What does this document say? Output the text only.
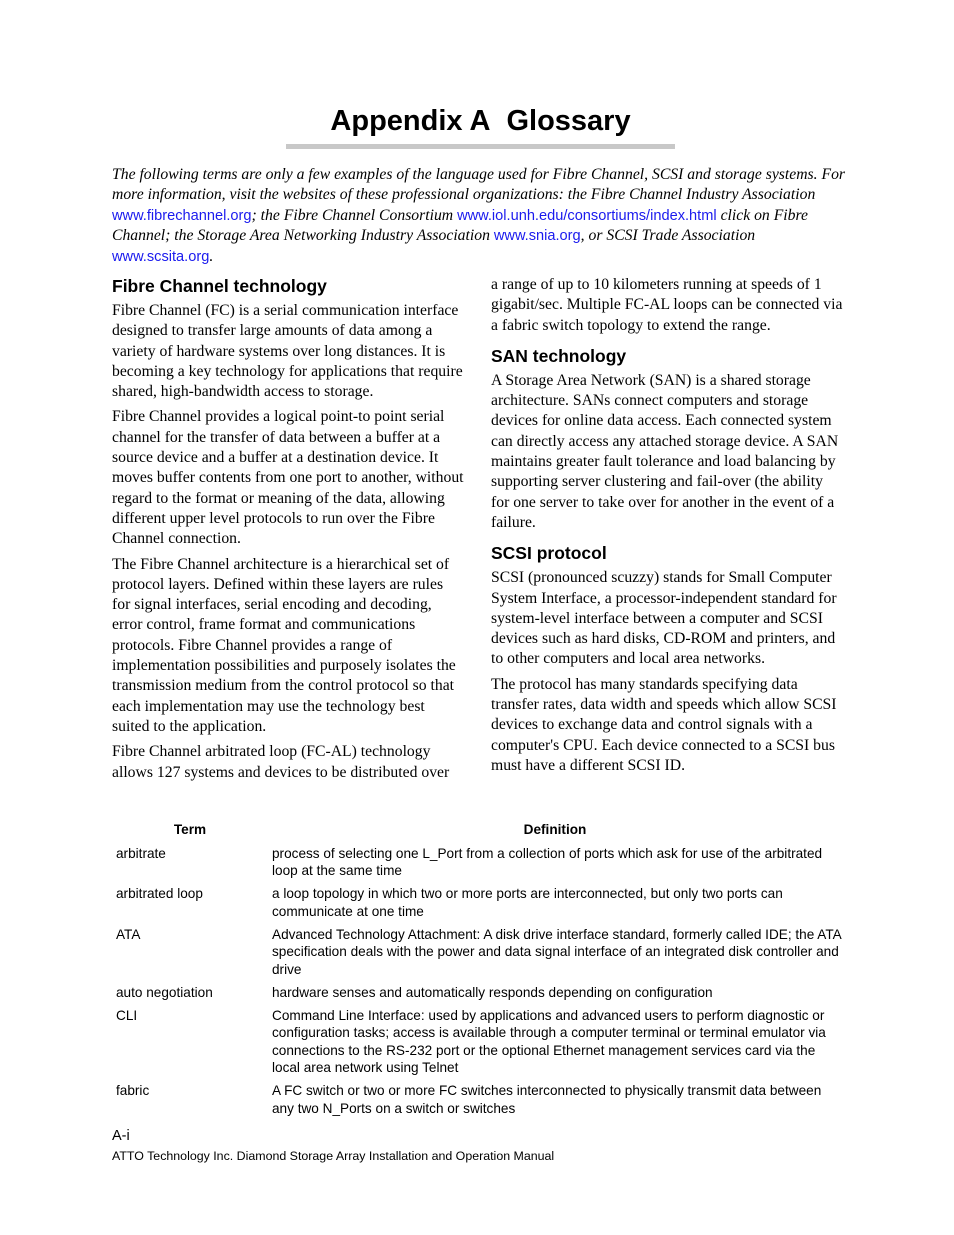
Appendix A Glossary
The following terms are only a few examples of the language used for Fibre Channel, SCSI and storage systems. For more information, visit the websites of these professional organizations: the Fibre Channel Industry Association www.fibrechannel.org; the Fibre Channel Consortium www.iol.unh.edu/consortiums/index.html click on Fibre Channel; the Storage Area Networking Industry Association www.snia.org, or SCSI Trade Association www.scsita.org.
Fibre Channel technology

Fibre Channel (FC) is a serial communication interface designed to transfer large amounts of data among a variety of hardware systems over long distances. It is becoming a key technology for applications that require shared, high-bandwidth access to storage.

Fibre Channel provides a logical point-to point serial channel for the transfer of data between a buffer at a source device and a buffer at a destination device. It moves buffer contents from one port to another, without regard to the format or meaning of the data, allowing different upper level protocols to run over the Fibre Channel connection.

The Fibre Channel architecture is a hierarchical set of protocol layers. Defined within these layers are rules for signal interfaces, serial encoding and decoding, error control, frame format and communications protocols. Fibre Channel provides a range of implementation possibilities and purposely isolates the transmission medium from the control protocol so that each implementation may use the technology best suited to the application.

Fibre Channel arbitrated loop (FC-AL) technology allows 127 systems and devices to be distributed over

a range of up to 10 kilometers running at speeds of 1 gigabit/sec. Multiple FC-AL loops can be connected via a fabric switch topology to extend the range.

SAN technology

A Storage Area Network (SAN) is a shared storage architecture. SANs connect computers and storage devices for online data access. Each connected system can directly access any attached storage device. A SAN maintains greater fault tolerance and load balancing by supporting server clustering and fail-over (the ability for one server to take over for another in the event of a failure.

SCSI protocol

SCSI (pronounced scuzzy) stands for Small Computer System Interface, a processor-independent standard for system-level interface between a computer and SCSI devices such as hard disks, CD-ROM and printers, and to other computers and local area networks.

The protocol has many standards specifying data transfer rates, data width and speeds which allow SCSI devices to exchange data and control signals with a computer's CPU. Each device connected to a SCSI bus must have a different SCSI ID.

Term	Definition
arbitrate	process of selecting one L_Port from a collection of ports which ask for use of the arbitrated loop at the same time
arbitrated loop	a loop topology in which two or more ports are interconnected, but only two ports can communicate at one time
ATA	Advanced Technology Attachment: A disk drive interface standard, formerly called IDE; the ATA specification deals with the power and data signal interface of an integrated disk controller and drive
auto negotiation	hardware senses and automatically responds depending on configuration
CLI	Command Line Interface: used by applications and advanced users to perform diagnostic or configuration tasks; access is available through a computer terminal or terminal emulator via connections to the RS-232 port or the optional Ethernet management services card via the local area network using Telnet
fabric	A FC switch or two or more FC switches interconnected to physically transmit data between any two N_Ports on a switch or switches
A-i
ATTO Technology Inc. Diamond Storage Array Installation and Operation Manual
